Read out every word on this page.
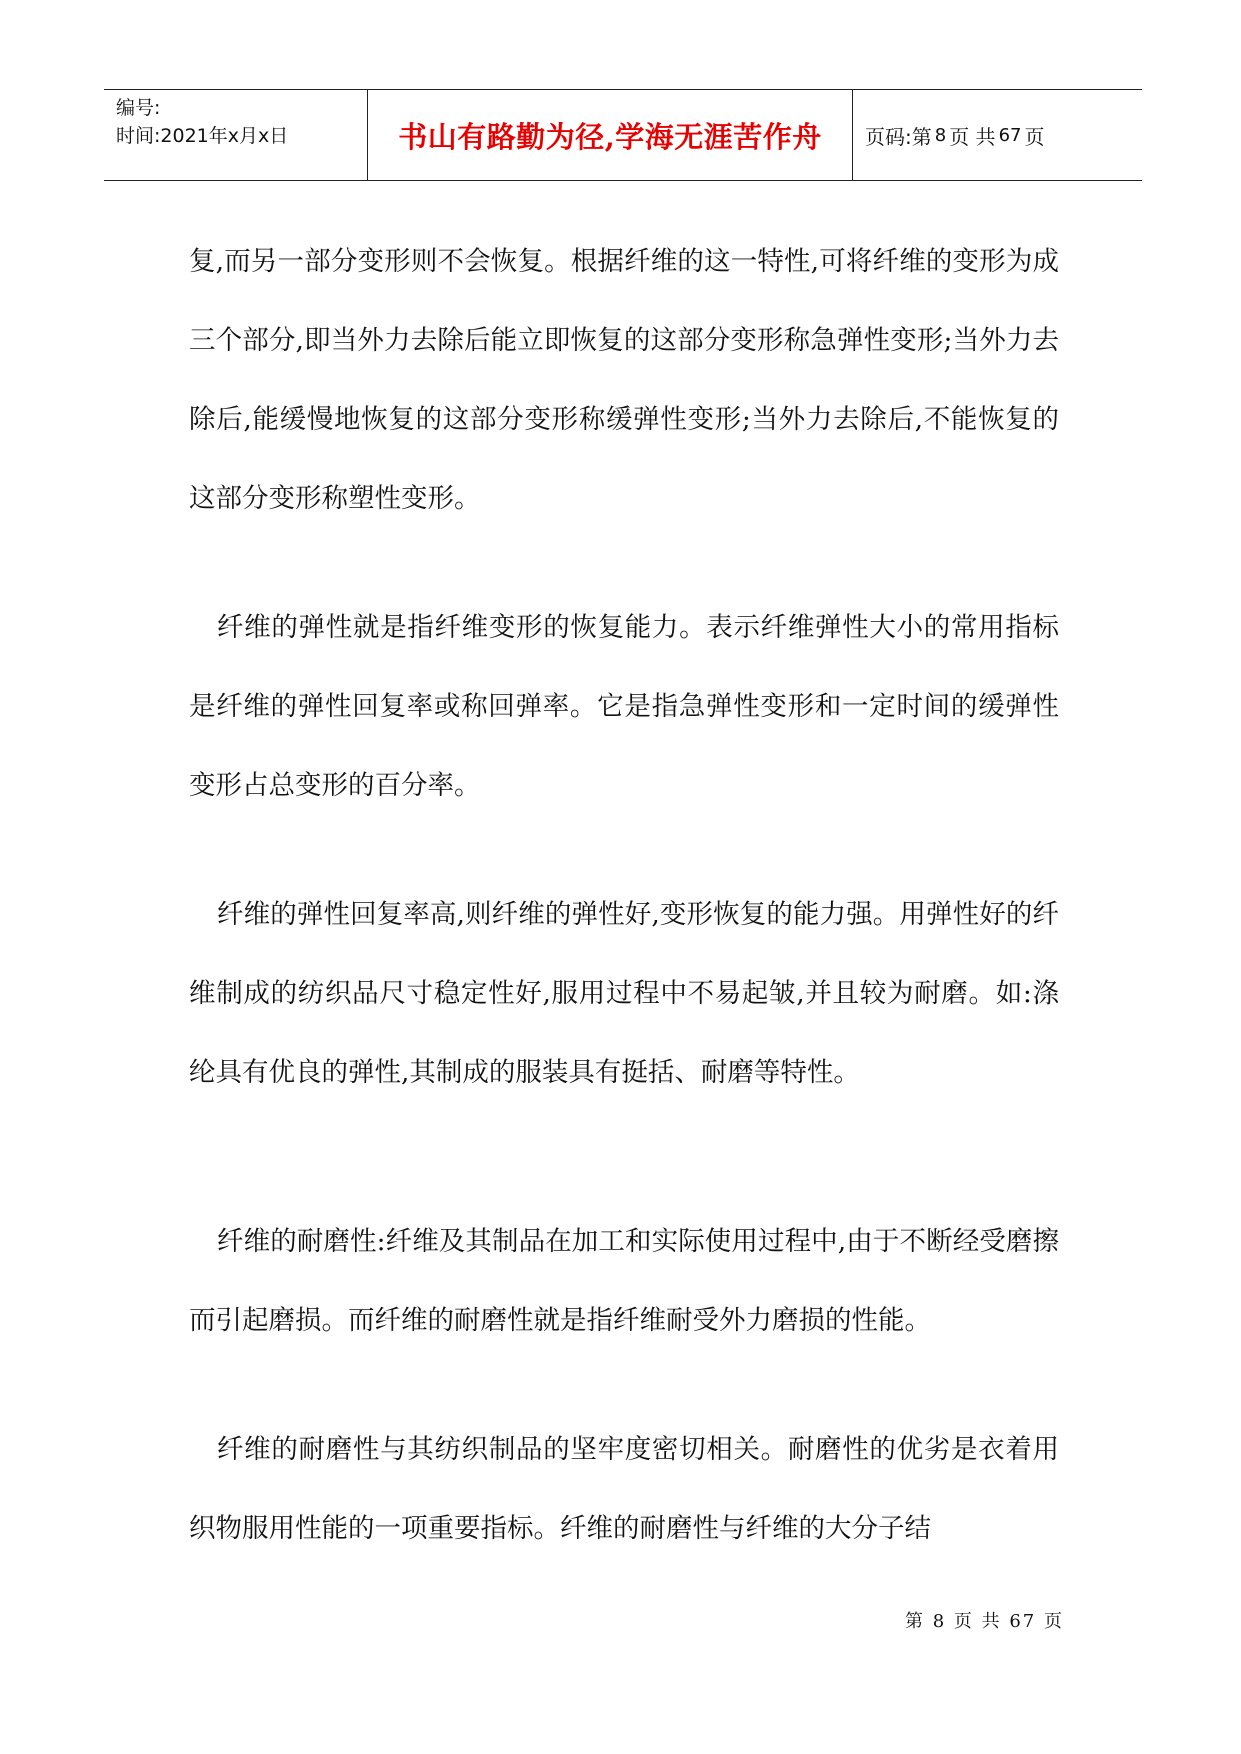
编号:
时间:2021年x月x日	书山有路勤为径,学海无涯苦作舟 页码:第 8 页 共 67 页

复,而另一部分变形则不会恢复。根据纤维的这一特性,可将纤维的变形为成三个部分,即当外力去除后能立即恢复的这部分变形称急弹性变形;当外力去除后,能缓慢地恢复的这部分变形称缓弹性变形;当外力去除后,不能恢复的这部分变形称塑性变形。

纤维的弹性就是指纤维变形的恢复能力。表示纤维弹性大小的常用指标是纤维的弹性回复率或称回弹率。它是指急弹性变形和一定时间的缓弹性变形占总变形的百分率。

纤维的弹性回复率高,则纤维的弹性好,变形恢复的能力强。用弹性好的纤维制成的纺织品尺寸稳定性好,服用过程中不易起皱,并且较为耐磨。如:涤纶具有优良的弹性,其制成的服装具有挺括、耐磨等特性。

纤维的耐磨性:纤维及其制品在加工和实际使用过程中,由于不断经受磨擦而引起磨损。而纤维的耐磨性就是指纤维耐受外力磨损的性能。

纤维的耐磨性与其纺织制品的坚牢度密切相关。耐磨性的优劣是衣着用织物服用性能的一项重要指标。纤维的耐磨性与纤维的大分子结

第 8 页 共 67 页
